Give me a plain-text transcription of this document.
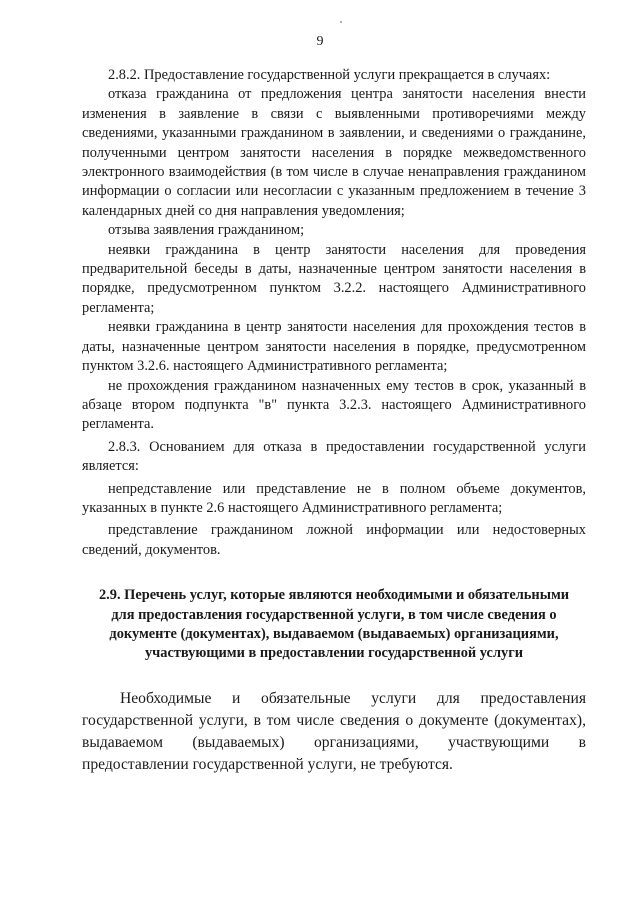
9

2.8.2. Предоставление государственной услуги прекращается в случаях:

отказа гражданина от предложения центра занятости населения внести изменения в заявление в связи с выявленными противоречиями между сведениями, указанными гражданином в заявлении, и сведениями о гражданине, полученными центром занятости населения в порядке межведомственного электронного взаимодействия (в том числе в случае ненаправления гражданином информации о согласии или несогласии с указанным предложением в течение 3 календарных дней со дня направления уведомления;

отзыва заявления гражданином;

неявки гражданина в центр занятости населения для проведения предварительной беседы в даты, назначенные центром занятости населения в порядке, предусмотренном пунктом 3.2.2. настоящего Административного регламента;

неявки гражданина в центр занятости населения для прохождения тестов в даты, назначенные центром занятости населения в порядке, предусмотренном пунктом 3.2.6. настоящего Административного регламента;

не прохождения гражданином назначенных ему тестов в срок, указанный в абзаце втором подпункта "в" пункта 3.2.3. настоящего Административного регламента.

2.8.3. Основанием для отказа в предоставлении государственной услуги является:

непредставление или представление не в полном объеме документов, указанных в пункте 2.6 настоящего Административного регламента;

представление гражданином ложной информации или недостоверных сведений, документов.

2.9. Перечень услуг, которые являются необходимыми и обязательными для предоставления государственной услуги, в том числе сведения о документе (документах), выдаваемом (выдаваемых) организациями, участвующими в предоставлении государственной услуги

Необходимые и обязательные услуги для предоставления государственной услуги, в том числе сведения о документе (документах), выдаваемом (выдаваемых) организациями, участвующими в предоставлении государственной услуги, не требуются.
